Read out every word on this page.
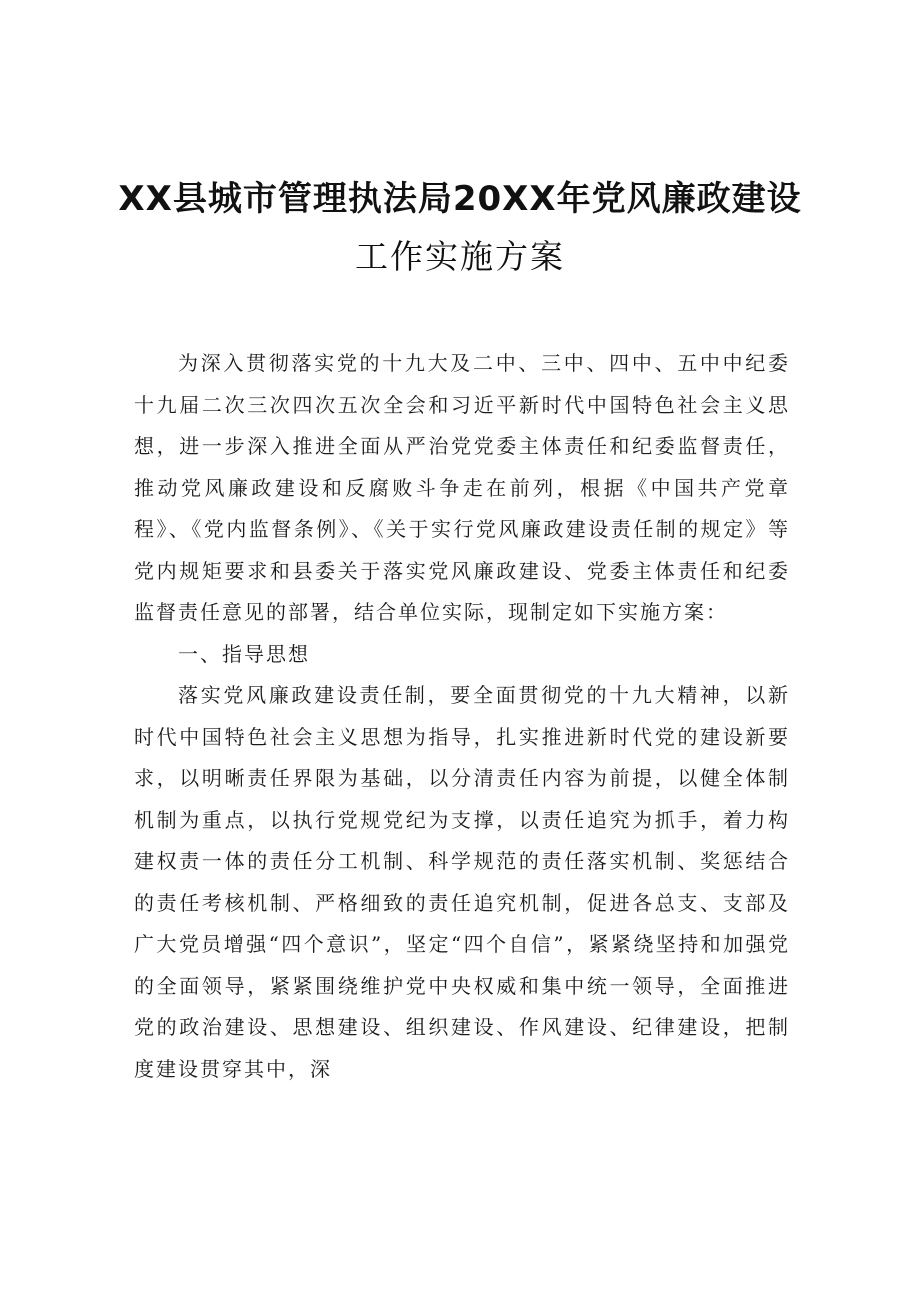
XX县城市管理执法局20XX年党风廉政建设
工作实施方案

为深入贯彻落实党的十九大及二中、三中、四中、五中中纪委十九届二次三次四次五次全会和习近平新时代中国特色社会主义思想，进一步深入推进全面从严治党党委主体责任和纪委监督责任，推动党风廉政建设和反腐败斗争走在前列，根据《中国共产党章程》、《党内监督条例》、《关于实行党风廉政建设责任制的规定》等党内规矩要求和县委关于落实党风廉政建设、党委主体责任和纪委监督责任意见的部署，结合单位实际，现制定如下实施方案：

一、指导思想

落实党风廉政建设责任制，要全面贯彻党的十九大精神，以新时代中国特色社会主义思想为指导，扎实推进新时代党的建设新要求，以明晰责任界限为基础，以分清责任内容为前提，以健全体制机制为重点，以执行党规党纪为支撑，以责任追究为抓手，着力构建权责一体的责任分工机制、科学规范的责任落实机制、奖惩结合的责任考核机制、严格细致的责任追究机制，促进各总支、支部及广大党员增强“四个意识”，坚定“四个自信”，紧紧绕坚持和加强党的全面领导，紧紧围绕维护党中央权威和集中统一领导，全面推进党的政治建设、思想建设、组织建设、作风建设、纪律建设，把制度建设贯穿其中，深
